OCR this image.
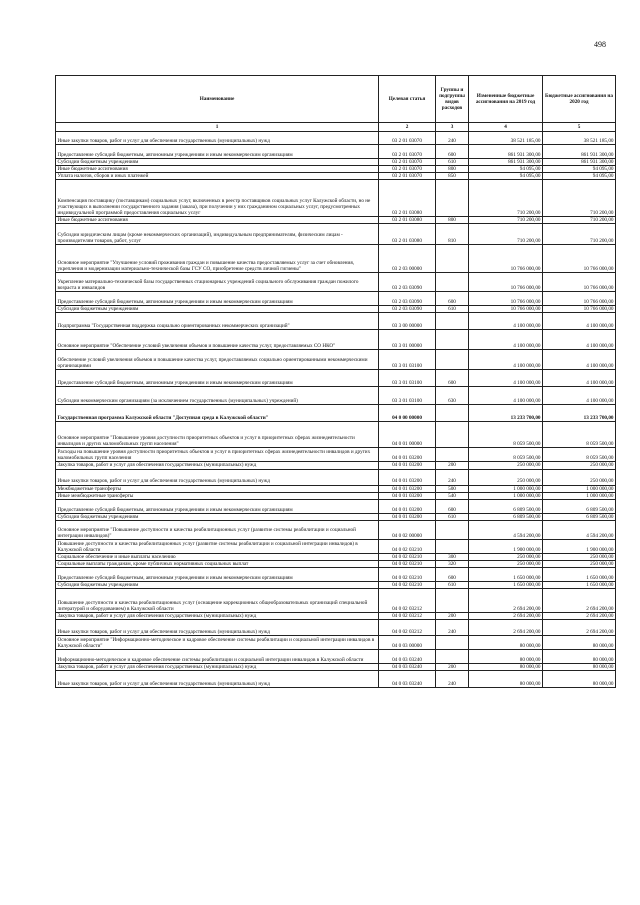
498
Наименование	Целевая статья	Группы и подгруппы видов расходов	Измененные бюджетные ассигнования на 2019 год	Бюджетные ассигнования на 2020 год
1	2	3	4	5
Иные закупки товаров, работ и услуг для обеспечения государственных (муниципальных) нужд	03 2 01 03070	240	38 521 185,00	38 521 185,00
Предоставление субсидий бюджетным, автономным учреждениям и иным некоммерческим организациям	03 2 01 03070	600	861 931 300,00	861 931 300,00
Субсидии бюджетным учреждениям	03 2 01 03070	610	861 931 300,00	861 931 300,00
Иные бюджетные ассигнования	03 2 01 03070	800	94 095,00	94 095,00
Уплата налогов, сборов и иных платежей	03 2 01 03070	850	94 095,00	94 095,00
Компенсация поставщику (поставщикам) социальных услуг, включенных в реестр поставщиков социальных услуг Калужской области, но не участвующих в выполнении государственного задания (заказа), при получении у них гражданином социальных услуг, предусмотренных индивидуальной программой предоставления социальных услуг	03 2 01 03080		710 200,00	710 200,00
Иные бюджетные ассигнования	03 2 01 03080	800	710 200,00	710 200,00
Субсидии юридическим лицам (кроме некоммерческих организаций), индивидуальным предпринимателям, физическим лицам - производителям товаров, работ, услуг	03 2 01 03080	810	710 200,00	710 200,00
Основное мероприятие "Улучшение условий проживания граждан и повышение качества предоставляемых услуг за счет обновления, укрепления и модернизации материально-технической базы ГСУ СО, приобретение средств личной гигиены"	03 2 03 00000		10 766 000,00	10 766 000,00
Укрепление материально-технической базы государственных стационарных учреждений социального обслуживания граждан пожилого возраста и инвалидов	03 2 03 03090		10 766 000,00	10 766 000,00
Предоставление субсидий бюджетным, автономным учреждениям и иным некоммерческим организациям	03 2 03 03090	600	10 766 000,00	10 766 000,00
Субсидии бюджетным учреждениям	03 2 03 03090	610	10 766 000,00	10 766 000,00
Подпрограмма "Государственная поддержка социально ориентированных некоммерческих организаций"	03 3 00 00000		4 100 000,00	4 100 000,00
Основное мероприятие "Обеспечение условий увеличения объемов и повышение качества услуг, предоставляемых СО НКО"	03 3 01 00000		4 100 000,00	4 100 000,00
Обеспечение условий увеличения объемов и повышение качества услуг, предоставляемых социально ориентированными некоммерческими организациями	03 3 01 03100		4 100 000,00	4 100 000,00
Предоставление субсидий бюджетным, автономным учреждениям и иным некоммерческим организациям	03 3 01 03100	600	4 100 000,00	4 100 000,00
Субсидии некоммерческим организациям (за исключением государственных (муниципальных) учреждений)	03 3 01 03100	630	4 100 000,00	4 100 000,00
Государственная программа Калужской области "Доступная среда в Калужской области"	04 0 00 00000		13 233 700,00	13 233 700,00
Основное мероприятие "Повышение уровня доступности приоритетных объектов и услуг в приоритетных сферах жизнедеятельности инвалидов и других маломобильных групп населения"	04 0 01 00000		8 059 500,00	8 059 500,00
Расходы на повышение уровня доступности приоритетных объектов и услуг в приоритетных сферах жизнедеятельности инвалидов и других маломобильных групп населения	04 0 01 03200		8 059 500,00	8 059 500,00
Закупка товаров, работ и услуг для обеспечения государственных (муниципальных) нужд	04 0 01 03200	200	250 000,00	250 000,00
Иные закупки товаров, работ и услуг для обеспечения государственных (муниципальных) нужд	04 0 01 03200	240	250 000,00	250 000,00
Межбюджетные трансферты	04 0 01 03200	500	1 000 000,00	1 000 000,00
Иные межбюджетные трансферты	04 0 01 03200	540	1 000 000,00	1 000 000,00
Предоставление субсидий бюджетным, автономным учреждениям и иным некоммерческим организациям	04 0 01 03200	600	6 809 500,00	6 809 500,00
Субсидии бюджетным учреждениям	04 0 01 03200	610	6 809 500,00	6 809 500,00
Основное мероприятие "Повышение доступности и качества реабилитационных услуг (развитие системы реабилитации и социальной интеграции инвалидов)"	04 0 02 00000		4 594 200,00	4 594 200,00
Повышение доступности и качества реабилитационных услуг (развитие системы реабилитации и социальной интеграции инвалидов) в Калужской области	04 0 02 03210		1 900 000,00	1 900 000,00
Социальное обеспечение и иные выплаты населению	04 0 02 03210	300	250 000,00	250 000,00
Социальные выплаты гражданам, кроме публичных нормативных социальных выплат	04 0 02 03210	320	250 000,00	250 000,00
Предоставление субсидий бюджетным, автономным учреждениям и иным некоммерческим организациям	04 0 02 03210	600	1 650 000,00	1 650 000,00
Субсидии бюджетным учреждениям	04 0 02 03210	610	1 650 000,00	1 650 000,00
Повышение доступности и качества реабилитационных услуг (оснащение коррекционных общеобразовательных организаций специальной литературой и оборудованием) в Калужской области	04 0 02 03212		2 694 200,00	2 694 200,00
Закупка товаров, работ и услуг для обеспечения государственных (муниципальных) нужд	04 0 02 03212	200	2 694 200,00	2 694 200,00
Иные закупки товаров, работ и услуг для обеспечения государственных (муниципальных) нужд	04 0 02 03212	240	2 694 200,00	2 694 200,00
Основное мероприятие "Информационно-методическое и кадровое обеспечение системы реабилитации и социальной интеграции инвалидов в Калужской области"	04 0 03 00000		80 000,00	80 000,00
Информационно-методическое и кадровое обеспечение системы реабилитации и социальной интеграции инвалидов в Калужской области	04 0 03 03240		80 000,00	80 000,00
Закупка товаров, работ и услуг для обеспечения государственных (муниципальных) нужд	04 0 03 03240	200	80 000,00	80 000,00
Иные закупки товаров, работ и услуг для обеспечения государственных (муниципальных) нужд	04 0 03 03240	240	80 000,00	80 000,00
